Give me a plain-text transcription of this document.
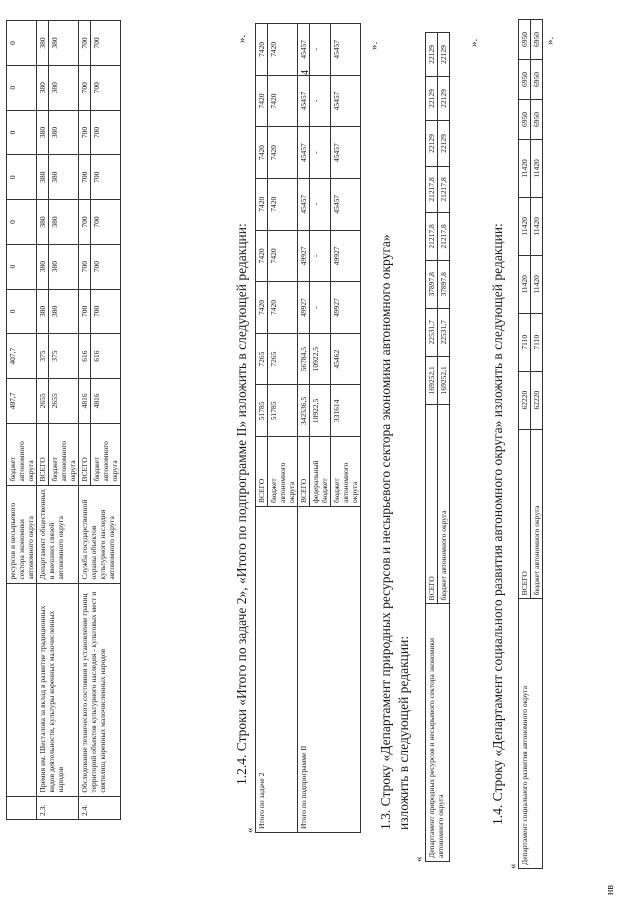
4
нв
		ресурсов и несырьевого сектора экономики автономного округа	бюджет автономного округа	407,7	407,7	0	0	0	0	0	0	0
2.3.	Премия им. Шесталова за вклад в развитие традиционных видов деятельности, культуры коренных малочисленных народов	Департамент общественных и внешних связей автономного округа	ВСЕГО	2655	375	380	380	380	380	380	380	380
			бюджет автономного округа	2655	375	380	380	380	380	380	380	380
2.4.	Обследование технического состояния и установление границ территорий объектов культурного наследия - культовых мест и святилищ коренных малочисленных народов	Служба государственной охраны объектов культурного наследия автономного округа	ВСЕГО	4816	616	700	700	700	700	700	700	700
			бюджет автономного округа	4816	616	700	700	700	700	700	700	700	».
1.2.4. Строки «Итого по задаче 2», «Итого по подпрограмме II» изложить в следующей редакции:
«
Итого по задаче 2	ВСЕГО	51785	7265	7420	7420	7420	7420	7420	7420
	бюджет автономного округа	51785	7265	7420	7420	7420	7420	7420	7420
Итого по подпрограмме II	ВСЕГО	342536,5	56784,5	49927	49927	45457	45457	45457	45457
	федеральный бюджет	10922,5	10922,5	-	-	-	-	-	-
	бюджет автономного округа	331614	45462	49927	49927	45457	45457	45457	45457 ».
1.3. Строку «Департамент природных ресурсов и несырьевого сектора экономики автономного округа» изложить в следующей редакции:
«
Департамент природных ресурсов и несырьевого сектора экономики автономного округа	ВСЕГО	169252,1	22531,7	37897,8	21217,8	21217,8	22129	22129	22129
	бюджет автономного округа	169252,1	22531,7	37897,8	21217,8	21217,8	22129	22129	22129
».
1.4. Строку «Департамент социального развития автономного округа» изложить в следующей редакции:
«
Департамент социального развития автономного округа	ВСЕГО	62220	7110	11420	11420	11420	6950	6950	6950
	бюджет автономного округа	62220	7110	11420	11420	11420	6950	6950	6950 ».
